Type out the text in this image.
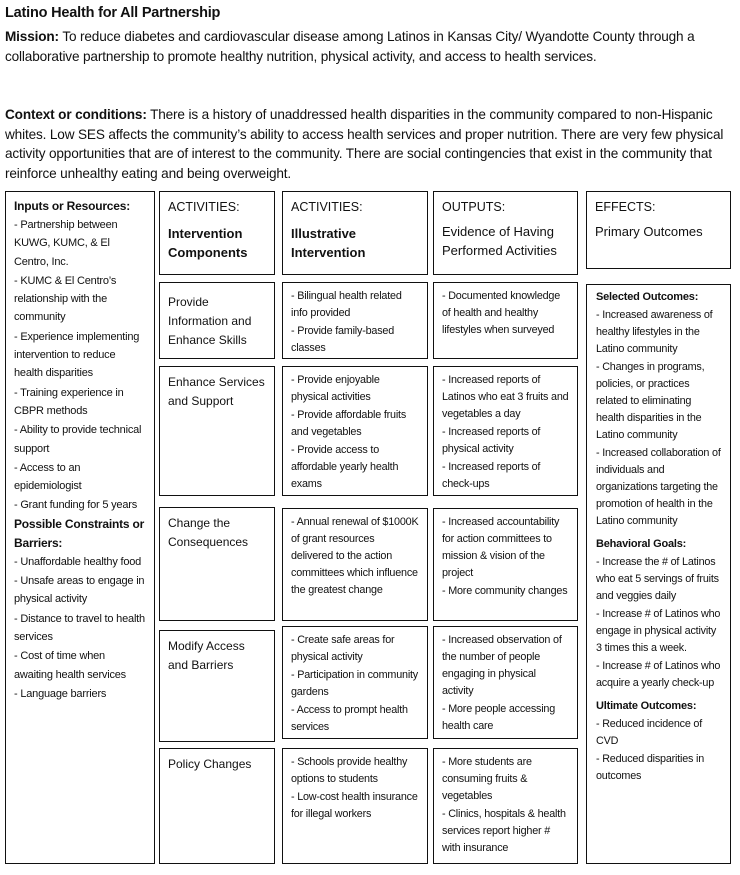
Latino Health for All Partnership
Mission: To reduce diabetes and cardiovascular disease among Latinos in Kansas City/ Wyandotte County through a collaborative partnership to promote healthy nutrition, physical activity, and access to health services.
Context or conditions: There is a history of unaddressed health disparities in the community compared to non-Hispanic whites. Low SES affects the community’s ability to access health services and proper nutrition. There are very few physical activity opportunities that are of interest to the community. There are social contingencies that exist in the community that reinforce unhealthy eating and being overweight.
Inputs or Resources:
- Partnership between KUWG, KUMC, & El Centro, Inc.
- KUMC & El Centro’s relationship with the community
- Experience implementing intervention to reduce health disparities
- Training experience in CBPR methods
- Ability to provide technical support
- Access to an epidemiologist
- Grant funding for 5 years
Possible Constraints or Barriers:
- Unaffordable healthy food
- Unsafe areas to engage in physical activity
- Distance to travel to health services
- Cost of time when awaiting health services
- Language barriers
ACTIVITIES:
Intervention Components
ACTIVITIES:
Illustrative Intervention
OUTPUTS:
Evidence of Having Performed Activities
EFFECTS:
Primary Outcomes
Provide Information and Enhance Skills
- Bilingual health related info provided
- Provide family-based classes
- Documented knowledge of health and healthy lifestyles when surveyed
Enhance Services and Support
- Provide enjoyable physical activities
- Provide affordable fruits and vegetables
- Provide access to affordable yearly health exams
- Increased reports of Latinos who eat 3 fruits and vegetables a day
- Increased reports of physical activity
- Increased reports of check-ups
Change the Consequences
- Annual renewal of $1000K of grant resources delivered to the action committees which influence the greatest change
- Increased accountability for action committees to mission & vision of the project
- More community changes
Modify Access and Barriers
- Create safe areas for physical activity
- Participation in community gardens
- Access to prompt health services
- Increased observation of the number of people engaging in physical activity
- More people accessing health care
Policy Changes	- Schools provide healthy options to students
- Low-cost health insurance for illegal workers
- More students are consuming fruits & vegetables
- Clinics, hospitals & health services report higher # with insurance
Selected Outcomes:
- Increased awareness of healthy lifestyles in the Latino community
- Changes in programs, policies, or practices related to eliminating health disparities in the Latino community
- Increased collaboration of individuals and organizations targeting the promotion of health in the Latino community
Behavioral Goals:
- Increase the # of Latinos who eat 5 servings of fruits and veggies daily
- Increase # of Latinos who engage in physical activity 3 times this a week.
- Increase # of Latinos who acquire a yearly check-up
Ultimate Outcomes:
- Reduced incidence of CVD
- Reduced disparities in outcomes
